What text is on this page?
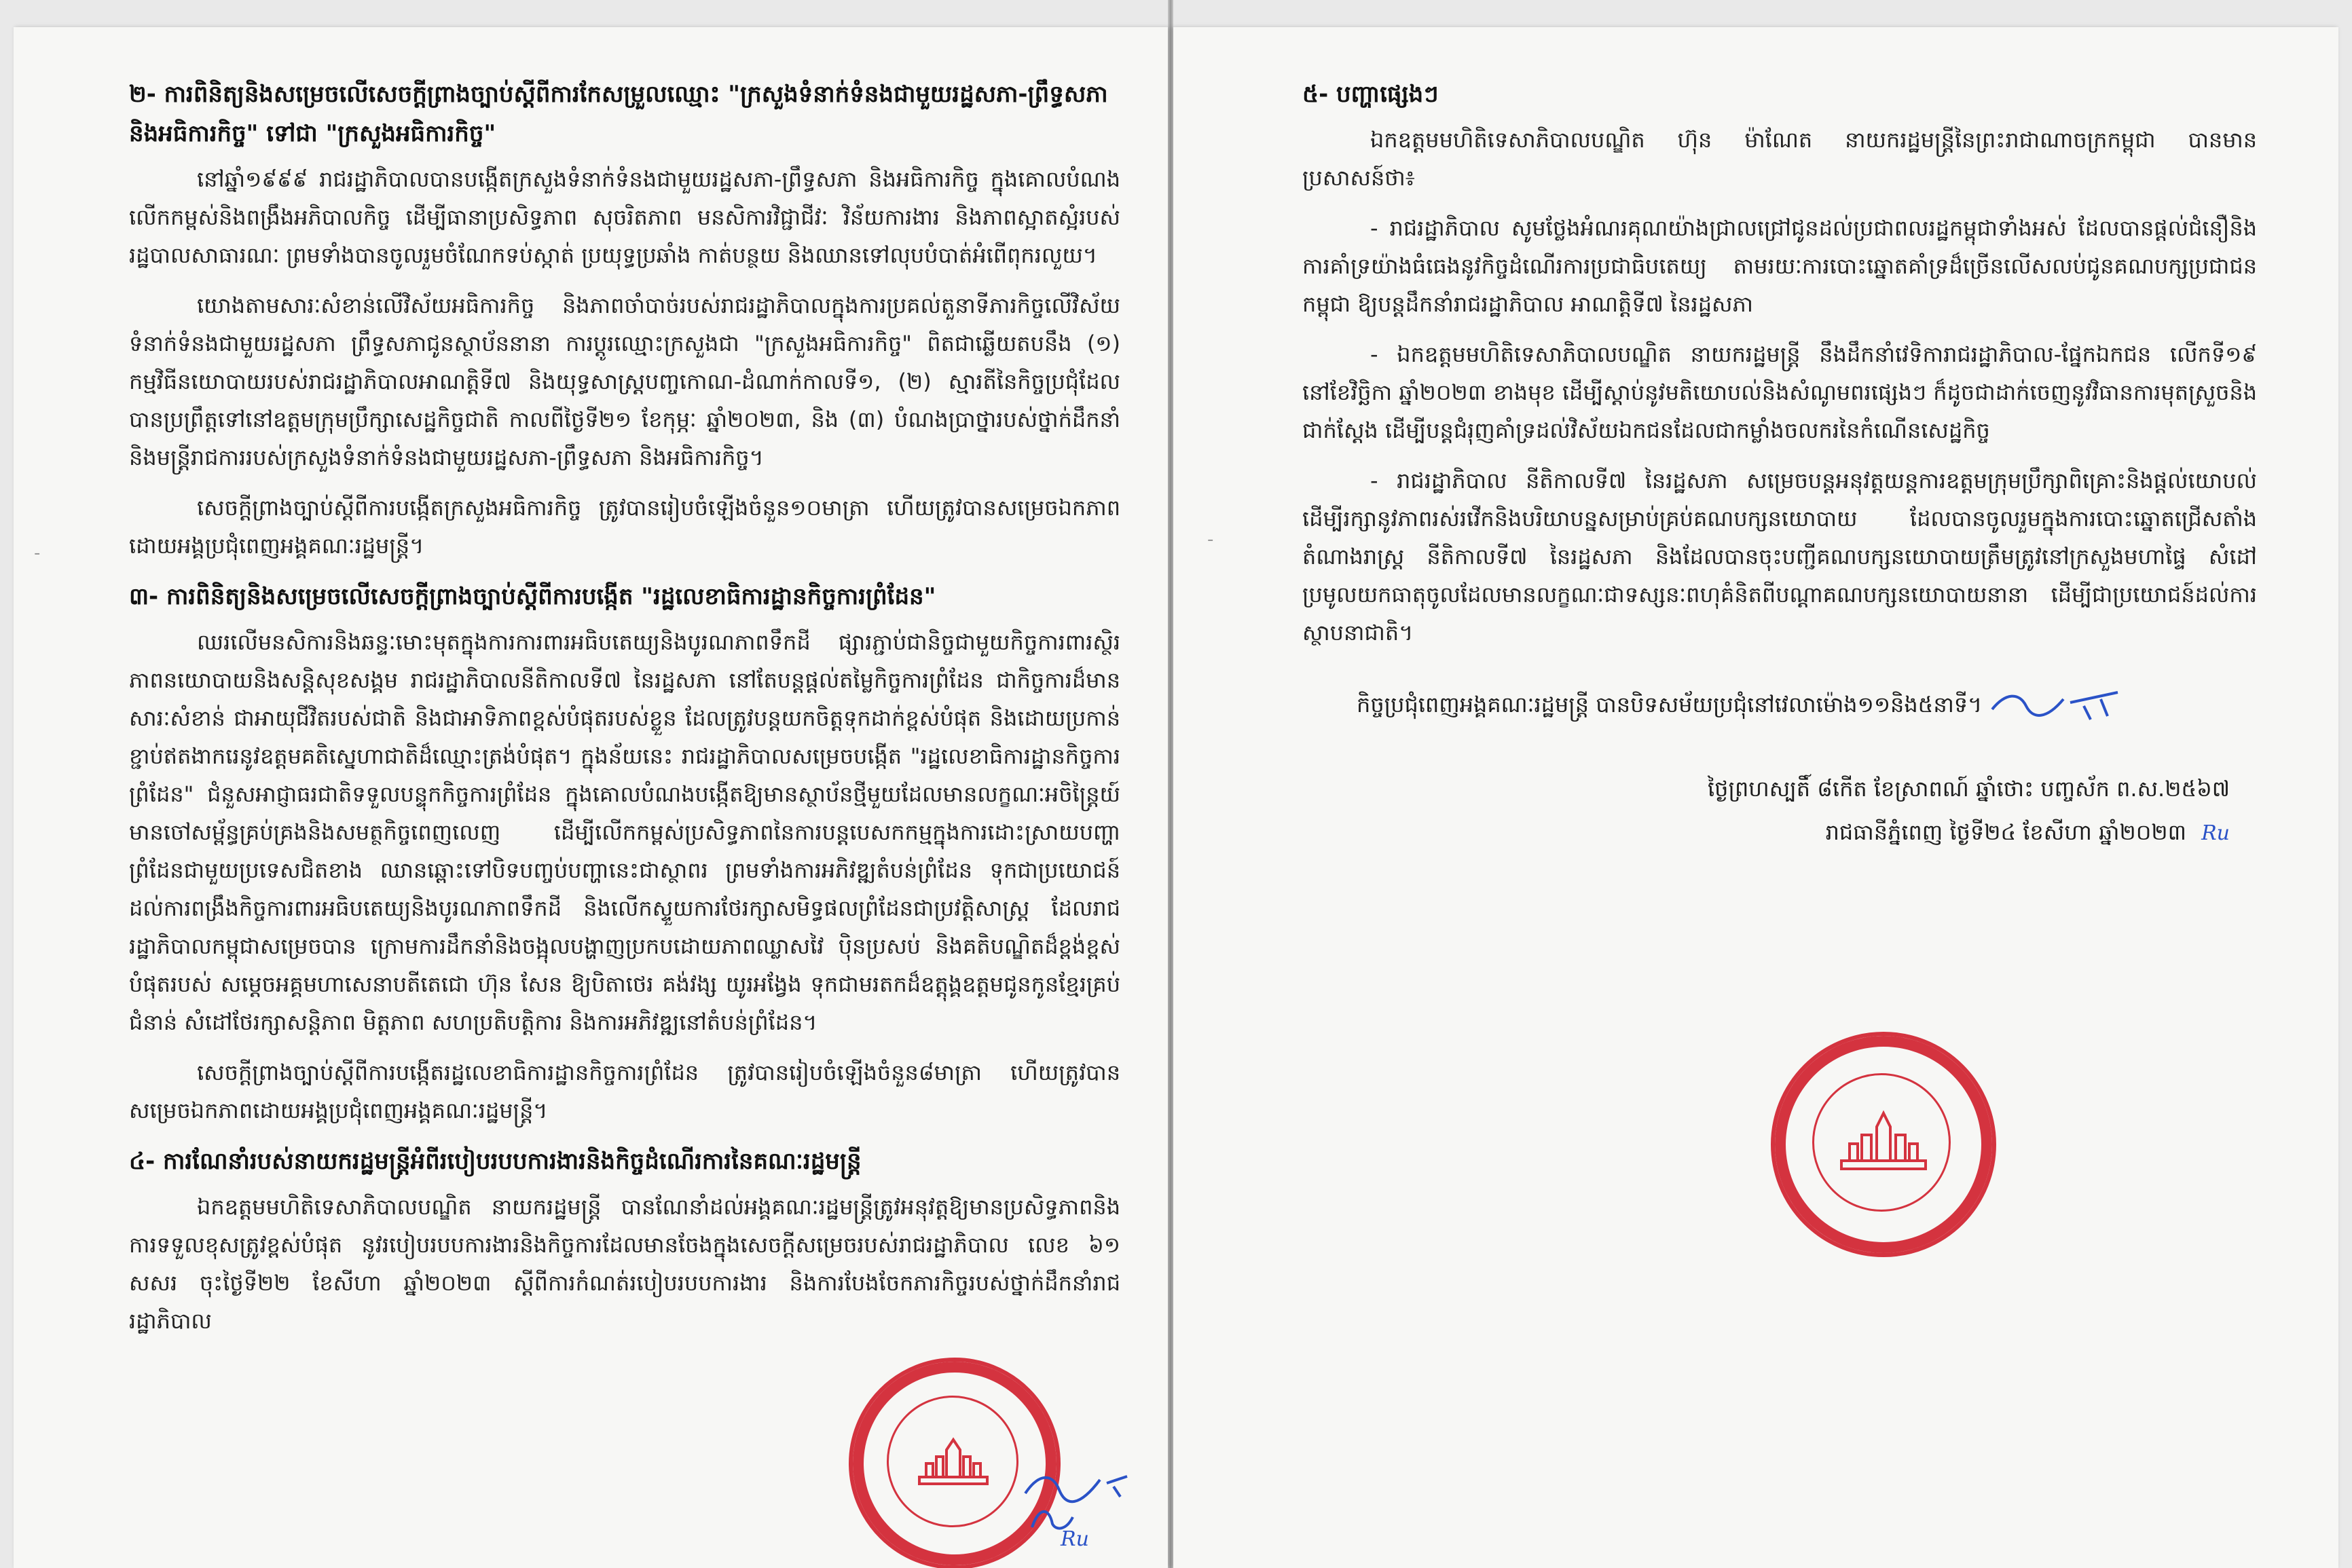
២- ការពិនិត្យនិងសម្រេចលើសេចក្តីព្រាងច្បាប់ស្តីពីការកែសម្រួលឈ្មោះ "ក្រសួងទំនាក់ទំនងជាមួយរដ្ឋសភា-ព្រឹទ្ធសភា និងអធិការកិច្ច" ទៅជា "ក្រសួងអធិការកិច្ច"

នៅឆ្នាំ១៩៩៩ រាជរដ្ឋាភិបាលបានបង្កើតក្រសួងទំនាក់ទំនងជាមួយរដ្ឋសភា-ព្រឹទ្ធសភា និងអធិការកិច្ច ក្នុងគោលបំណងលើកកម្ពស់និងពង្រឹងអភិបាលកិច្ច ដើម្បីធានាប្រសិទ្ធភាព សុចរិតភាព មនសិការវិជ្ជាជីវៈ វិន័យការងារ និងភាពស្អាតស្អំរបស់រដ្ឋបាលសាធារណៈ ព្រមទាំងបានចូលរួមចំណែកទប់ស្កាត់ ប្រយុទ្ធប្រឆាំង កាត់បន្ថយ និងឈានទៅលុបបំបាត់អំពើពុករលួយ។

យោងតាមសារៈសំខាន់លើវិស័យអធិការកិច្ច និងភាពចាំបាច់របស់រាជរដ្ឋាភិបាលក្នុងការប្រគល់តួនាទីភារកិច្ចលើវិស័យទំនាក់ទំនងជាមួយរដ្ឋសភា ព្រឹទ្ធសភាជូនស្ថាប័ននានា ការប្តូរឈ្មោះក្រសួងជា "ក្រសួងអធិការកិច្ច" ពិតជាឆ្លើយតបនឹង (១) កម្មវិធីនយោបាយរបស់រាជរដ្ឋាភិបាលអាណត្តិទី៧ និងយុទ្ធសាស្ត្របញ្ចកោណ-ដំណាក់កាលទី១, (២) ស្មារតីនៃកិច្ចប្រជុំដែលបានប្រព្រឹត្តទៅនៅឧត្តមក្រុមប្រឹក្សាសេដ្ឋកិច្ចជាតិ កាលពីថ្ងៃទី២១ ខែកុម្ភៈ ឆ្នាំ២០២៣, និង (៣) បំណងប្រាថ្នារបស់ថ្នាក់ដឹកនាំនិងមន្ត្រីរាជការរបស់ក្រសួងទំនាក់ទំនងជាមួយរដ្ឋសភា-ព្រឹទ្ធសភា និងអធិការកិច្ច។

សេចក្តីព្រាងច្បាប់ស្តីពីការបង្កើតក្រសួងអធិការកិច្ច ត្រូវបានរៀបចំឡើងចំនួន១០មាត្រា ហើយត្រូវបានសម្រេចឯកភាពដោយអង្គប្រជុំពេញអង្គគណៈរដ្ឋមន្ត្រី។

៣- ការពិនិត្យនិងសម្រេចលើសេចក្តីព្រាងច្បាប់ស្តីពីការបង្កើត "រដ្ឋលេខាធិការដ្ឋានកិច្ចការព្រំដែន"

ឈរលើមនសិការនិងឆន្ទៈមោះមុតក្នុងការការពារអធិបតេយ្យនិងបូរណភាពទឹកដី ផ្សារភ្ជាប់ជានិច្ចជាមួយកិច្ចការពារស្ថិរភាពនយោបាយនិងសន្តិសុខសង្គម រាជរដ្ឋាភិបាលនីតិកាលទី៧ នៃរដ្ឋសភា នៅតែបន្តផ្តល់តម្លៃកិច្ចការព្រំដែន ជាកិច្ចការដ៏មានសារៈសំខាន់ ជាអាយុជីវិតរបស់ជាតិ និងជាអាទិភាពខ្ពស់បំផុតរបស់ខ្លួន ដែលត្រូវបន្តយកចិត្តទុកដាក់ខ្ពស់បំផុត និងដោយប្រកាន់ខ្ជាប់ឥតងាករេនូវឧត្តមគតិស្នេហាជាតិដ៏ឈ្មោះត្រង់បំផុត។ ក្នុងន័យនេះ រាជរដ្ឋាភិបាលសម្រេចបង្កើត "រដ្ឋលេខាធិការដ្ឋានកិច្ចការព្រំដែន" ជំនួសអាជ្ញាធរជាតិទទួលបន្ទុកកិច្ចការព្រំដែន ក្នុងគោលបំណងបង្កើតឱ្យមានស្ថាប័នថ្មីមួយដែលមានលក្ខណៈអចិន្ត្រៃយ៍ មានចៅសម្ព័ន្ធគ្រប់គ្រងនិងសមត្ថកិច្ចពេញលេញ ដើម្បីលើកកម្ពស់ប្រសិទ្ធភាពនៃការបន្តបេសកកម្មក្នុងការដោះស្រាយបញ្ហាព្រំដែនជាមួយប្រទេសជិតខាង ឈានឆ្ពោះទៅបិទបញ្ចប់បញ្ហានេះជាស្ថាពរ ព្រមទាំងការអភិវឌ្ឍតំបន់ព្រំដែន ទុកជាប្រយោជន៍ដល់ការពង្រឹងកិច្ចការពារអធិបតេយ្យនិងបូរណភាពទឹកដី និងលើកស្ទួយការថែរក្សាសមិទ្ធផលព្រំដែនជាប្រវត្តិសាស្ត្រ ដែលរាជរដ្ឋាភិបាលកម្ពុជាសម្រេចបាន ក្រោមការដឹកនាំនិងចង្អុលបង្ហាញប្រកបដោយភាពឈ្លាសវៃ ប៉ិនប្រសប់ និងគតិបណ្ឌិតដ៏ខ្ពង់ខ្ពស់បំផុតរបស់ សម្តេចអគ្គមហាសេនាបតីតេជោ ហ៊ុន សែន ឱ្យបិតាថេរ គង់វង្ស យូរអង្វែង ទុកជាមរតកដ៏ឧត្តុង្គឧត្តមជូនកូនខ្មែរគ្រប់ជំនាន់ សំដៅថែរក្សាសន្តិភាព មិត្តភាព សហប្រតិបត្តិការ និងការអភិវឌ្ឍនៅតំបន់ព្រំដែន។

សេចក្តីព្រាងច្បាប់ស្តីពីការបង្កើតរដ្ឋលេខាធិការដ្ឋានកិច្ចការព្រំដែន ត្រូវបានរៀបចំឡើងចំនួន៨មាត្រា ហើយត្រូវបានសម្រេចឯកភាពដោយអង្គប្រជុំពេញអង្គគណៈរដ្ឋមន្ត្រី។

៤- ការណែនាំរបស់នាយករដ្ឋមន្ត្រីអំពីរបៀបរបបការងារនិងកិច្ចដំណើរការនៃគណៈរដ្ឋមន្ត្រី

ឯកឧត្តមមហិតិទេសាភិបាលបណ្ឌិត នាយករដ្ឋមន្ត្រី បានណែនាំដល់អង្គគណៈរដ្ឋមន្ត្រីត្រូវអនុវត្តឱ្យមានប្រសិទ្ធភាពនិងការទទួលខុសត្រូវខ្ពស់បំផុត នូវរបៀបរបបការងារនិងកិច្ចការដែលមានចែងក្នុងសេចក្តីសម្រេចរបស់រាជរដ្ឋាភិបាល លេខ ៦១ សសរ ចុះថ្ងៃទី២២ ខែសីហា ឆ្នាំ២០២៣ ស្តីពីការកំណត់របៀបរបបការងារ និងការបែងចែកភារកិច្ចរបស់ថ្នាក់ដឹកនាំរាជរដ្ឋាភិបាល

Ru
-
៥- បញ្ហាផ្សេងៗ

ឯកឧត្តមមហិតិទេសាភិបាលបណ្ឌិត ហ៊ុន ម៉ាណែត នាយករដ្ឋមន្ត្រីនៃព្រះរាជាណាចក្រកម្ពុជា បានមានប្រសាសន៍ថា៖

- រាជរដ្ឋាភិបាល សូមថ្លែងអំណរគុណយ៉ាងជ្រាលជ្រៅជូនដល់ប្រជាពលរដ្ឋកម្ពុជាទាំងអស់ ដែលបានផ្តល់ជំនឿនិងការគាំទ្រយ៉ាងធំធេងនូវកិច្ចដំណើរការប្រជាធិបតេយ្យ តាមរយៈការបោះឆ្នោតគាំទ្រដ៏ច្រើនលើសលប់ជូនគណបក្សប្រជាជនកម្ពុជា ឱ្យបន្តដឹកនាំរាជរដ្ឋាភិបាល អាណត្តិទី៧ នៃរដ្ឋសភា

- ឯកឧត្តមមហិតិទេសាភិបាលបណ្ឌិត នាយករដ្ឋមន្ត្រី នឹងដឹកនាំវេទិការាជរដ្ឋាភិបាល-ផ្នែកឯកជន លើកទី១៩ នៅខែវិច្ឆិកា ឆ្នាំ២០២៣ ខាងមុខ ដើម្បីស្តាប់នូវមតិយោបល់និងសំណូមពរផ្សេងៗ ក៏ដូចជាដាក់ចេញនូវវិធានការមុតស្រួចនិងជាក់ស្តែង ដើម្បីបន្តជំរុញគាំទ្រដល់វិស័យឯកជនដែលជាកម្លាំងចលករនៃកំណើនសេដ្ឋកិច្ច

- រាជរដ្ឋាភិបាល នីតិកាលទី៧ នៃរដ្ឋសភា សម្រេចបន្តអនុវត្តយន្តការឧត្តមក្រុមប្រឹក្សាពិគ្រោះនិងផ្តល់យោបល់ ដើម្បីរក្សានូវភាពរស់រវើកនិងបរិយាបន្នសម្រាប់គ្រប់គណបក្សនយោបាយ ដែលបានចូលរួមក្នុងការបោះឆ្នោតជ្រើសតាំងតំណាងរាស្ត្រ នីតិកាលទី៧ នៃរដ្ឋសភា និងដែលបានចុះបញ្ជីគណបក្សនយោបាយត្រឹមត្រូវនៅក្រសួងមហាផ្ទៃ សំដៅប្រមូលយកធាតុចូលដែលមានលក្ខណៈជាទស្សនៈពហុគំនិតពីបណ្តាគណបក្សនយោបាយនានា ដើម្បីជាប្រយោជន៍ដល់ការស្ថាបនាជាតិ។

កិច្ចប្រជុំពេញអង្គគណៈរដ្ឋមន្ត្រី បានបិទសម័យប្រជុំនៅវេលាម៉ោង១១និង៥នាទី។

ថ្ងៃព្រហស្បតិ៍ ៨កើត ខែស្រាពណ៍ ឆ្នាំថោះ បញ្ចស័ក ព.ស.២៥៦៧
រាជធានីភ្នំពេញ ថ្ងៃទី២៤ ខែសីហា ឆ្នាំ២០២៣ Ru
-
